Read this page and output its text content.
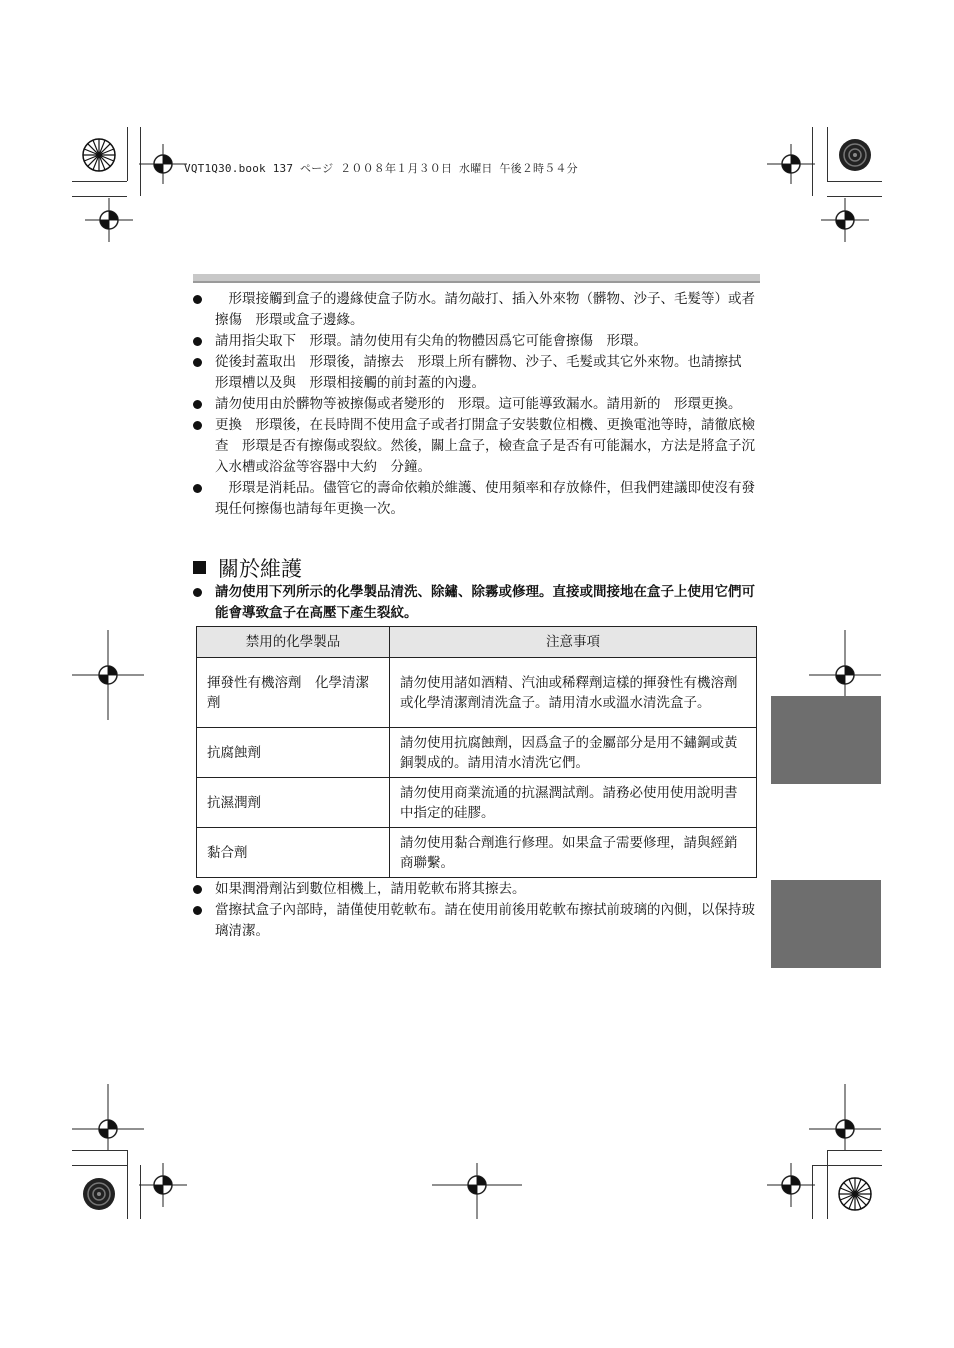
VQT1Q30.book 137 ページ ２００８年１月３０日 水曜日 午後２時５４分
　形環接觸到盒子的邊緣使盒子防水。請勿敲打、插入外來物（髒物、沙子、毛髮等）或者擦傷　形環或盒子邊緣。
請用指尖取下　形環。請勿使用有尖角的物體因爲它可能會擦傷　形環。
從後封蓋取出　形環後，請擦去　形環上所有髒物、沙子、毛髮或其它外來物。也請擦拭　形環槽以及與　形環相接觸的前封蓋的內邊。
請勿使用由於髒物等被擦傷或者變形的　形環。這可能導致漏水。請用新的　形環更換。
更換　形環後，在長時間不使用盒子或者打開盒子安裝數位相機、更換電池等時，請徹底檢查　形環是否有擦傷或裂紋。然後，關上盒子，檢查盒子是否有可能漏水，方法是將盒子沉入水槽或浴盆等容器中大約　分鐘。
　形環是消耗品。儘管它的壽命依賴於維護、使用頻率和存放條件，但我們建議即使沒有發現任何擦傷也請每年更換一次。
關於維護
請勿使用下列所示的化學製品清洗、除鏽、除霧或修理。直接或間接地在盒子上使用它們可能會導致盒子在高壓下產生裂紋。
禁用的化學製品	注意事項
揮發性有機溶劑　化學清潔劑	請勿使用諸如酒精、汽油或稀釋劑這樣的揮發性有機溶劑或化學清潔劑清洗盒子。請用清水或溫水清洗盒子。
抗腐蝕劑	請勿使用抗腐蝕劑，因爲盒子的金屬部分是用不鏽鋼或黃銅製成的。請用清水清洗它們。
抗濕潤劑	請勿使用商業流通的抗濕潤試劑。請務必使用使用說明書中指定的硅膠。
黏合劑	請勿使用黏合劑進行修理。如果盒子需要修理，請與經銷商聯繫。
如果潤滑劑沾到數位相機上，請用乾軟布將其擦去。
當擦拭盒子內部時，請僅使用乾軟布。請在使用前後用乾軟布擦拭前玻璃的內側，以保持玻璃清潔。
